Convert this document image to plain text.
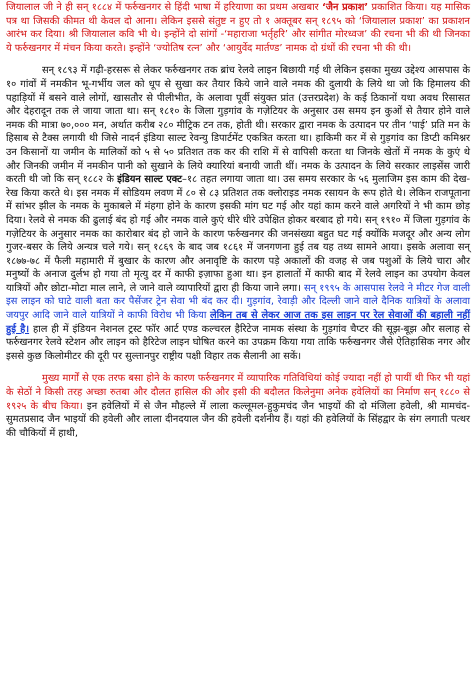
जियालाल जी ने ही सन् १८८४ में फर्रुखनगर से हिंदी भाषा में हरियाणा का प्रथम अखबार ‘जैन प्रकाश’ प्रकाशित किया। यह मासिक पत्र था जिसकी कीमत थी केवल दो आना। लेकिन इससे संतुष्ट न हुए तो १ अक्तूबर सन् १८९५ को ‘जियालाल प्रकाश’ का प्रकाशन आरंभ कर दिया। श्री जियालाल कवि भी थे। इन्होंने दो सांगों -‘महाराजा भर्तृहरि’ और सांगीत मोरध्वज’ की रचना भी की थी जिनका ये फर्रुखनगर में मंचन किया करते। इन्होंने ‘ज्योतिष रत्न’ और ‘आयुर्वेद मार्तण्ड’ नामक दो ग्रंथों की रचना भी की थी।

सन् १८९३ में गढ़ी-हरसरू से लेकर फर्रुखनगर तक ब्रांच रेलवे लाइन बिछायी गई थी लेकिन इसका मुख्य उद्देश्य आसपास के १० गांवों में नमकीन भू-गर्भीय जल को धूप से सुखा कर तैयार किये जाने वाले नमक की दुलायी के लिये था जो कि हिमालय की पहाड़ियों में बसने वाले लोगों, खासतौर से पीलीभीत, के अलावा पूर्वी संयुक्त प्रांत (उत्तरप्रदेश) के कई ठिकानों यथा अवध रिसासत और देहरादून तक ले जाया जाता था। सन् १८१० के जिला गुड़गांव के गज़ेटियर के अनुसार उस समय इन कुओं से तैयार होने वाले नमक की मात्रा ७०,००० मन, अर्थात करीब २८० मीट्रिक टन तक, होती थी। सरकार द्वारा नमक के उत्पादन पर तीन ‘पाई’ प्रति मन के हिसाब से टैक्स लगायी थी जिसे नादर्न इंडिया साल्ट रेवन्यु डिपार्टमेंट एकत्रित करता था। हाकिमी कर में से गुड़गांव का डिप्टी कमिश्नर उन किसानों या जमीन के मालिकों को ५ से ५० प्रतिशत तक कर की राशि में से वापिसी करता था जिनके खेतों में नमक के कुएं थे और जिनकी जमीन में नमकीन पानी को सुखाने के लिये क्यारियां बनायी जाती थीं। नमक के उत्पादन के लिये सरकार लाइसेंस जारी करती थी जो कि सन् १८८२ के इंडियन साल्ट एक्ट–१८ तहत लगाया जाता था। उस समय सरकार के ५६ मुलाजिम इस काम की देख-रेख किया करते थे। इस नमक में सोडियम लवण में ८० से ८३ प्रतिशत तक क्लोराइड नमक रसायन के रूप होते थे। लेकिन राजपूताना में सांभर झील के नमक के मुकाबले में मंहगा होने के कारण इसकी मांग घट गई और यहां काम करने वाले अगरियों ने भी काम छोड़ दिया। रेलवे से नमक की ढुलाई बंद हो गई और नमक वाले कुएं धीरे धीरे उपेक्षित होकर बरबाद हो गये। सन् १९१० में जिला गुड़गांव के गज़ेटियर के अनुसार नमक का कारोबार बंद हो जाने के कारण फर्रुखनगर की जनसंख्या बहुत घट गई क्योंकि मजदूर और अन्य लोग गुजर-बसर के लिये अन्यत्र चले गये। सन् १८६९ के बाद जब १८६१ में जनगणना हुई तब यह तथ्य सामने आया। इसके अलावा सन् १८७७-७८ में फैली महामारी में बुखार के कारण और अनावृष्टि के कारण पड़े अकालों की वजह से जब पशुओं के लिये चारा और मनुष्यों के अनाज दुर्लभ हो गया तो मृत्यु दर में काफी इज़ाफा हुआ था। इन हालातों में काफी बाद में रेलवे लाइन का उपयोग केवल यात्रियों और छोटा-मोटा माल लाने, ले जाने वाले व्यापारियों द्वारा ही किया जाने लगा। सन् १९९५ के आसपास रेलवे ने मीटर गेज वाली इस लाइन को घाटे वाली बता कर पैसेंजर ट्रेन सेवा भी बंद कर दी। गुड़गांव, रेवाड़ी और दिल्ली जाने वाले दैनिक यात्रियों के अलावा जयपुर आदि जाने वाले यात्रियों ने काफी विरोध भी किया लेकिन तब से लेकर आज तक इस लाइन पर रेल सेवाओं की बहाली नहीं हुई है। हाल ही में इंडियन नेशनल ट्रस्ट फॉर आर्ट एण्ड कल्चरल हैरिटेज नामक संस्था के गुड़गांव चैप्टर की सूझ-बूझ और सलाह से फर्रुखनगर रेलवे स्टेशन और लाइन को हैरिटेज लाइन घोषित करने का उपक्रम किया गया ताकि फर्रुखनगर जैसे ऐतिहासिक नगर और इससे कुछ किलोमीटर की दूरी पर सुल्तानपुर राष्ट्रीय पक्षी विहार तक सैलानी आ सकें।

मुख्य मार्गों से एक तरफ बसा होने के कारण फर्रुखनगर में व्यापारिक गतिविधियां कोई ज्यादा नहीं हो पायीं थी फिर भी यहां के सेठों ने किसी तरह अच्छा रुतबा और दौलत हासिल की और इसी की बदौलत किलेनुमा अनेक हवेलियों का निर्माण सन् १८८० से १९२५ के बीच किया। इन हवेलियों में से जैन मौहल्ले में लाला कल्लूमल-हुकुमचंद जैन भाइयों की दो मंजिला हवेली, श्री मामचंद-सुमतप्रसाद जैन भाइयों की हवेली और लाला दीनदयाल जैन की हवेली दर्शनीय हैं। यहां की हवेलियों के सिंहद्वार के संग लगाती पत्थर की चौकियों में हाथी,
